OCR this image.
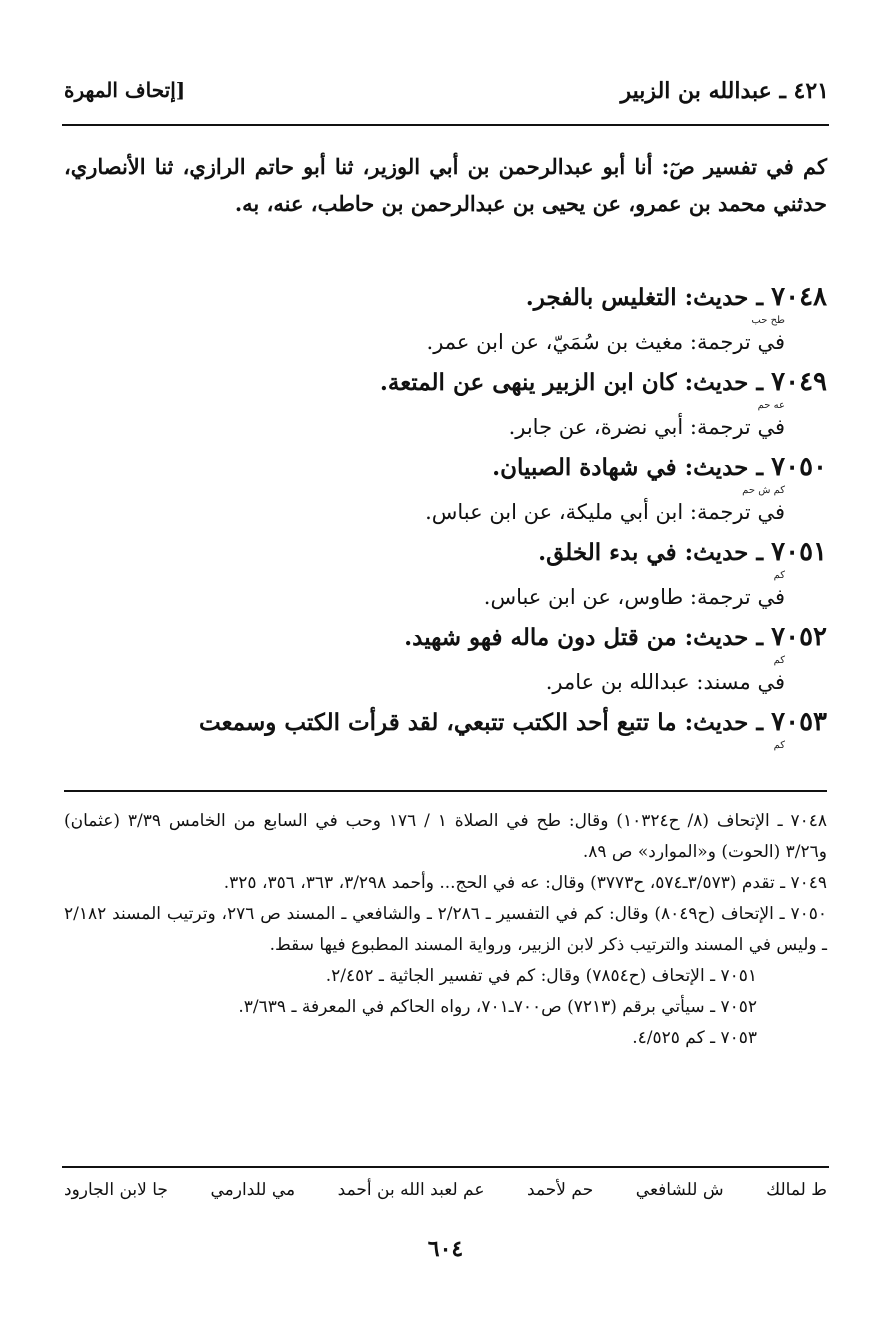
٤٢١ ـ عبدالله بن الزبير
[إتحاف المهرة
كم في تفسير صٓ: أنا أبو عبدالرحمن بن أبي الوزير، ثنا أبو حاتم الرازي، ثنا الأنصاري، حدثني محمد بن عمرو، عن يحيى بن عبدالرحمن بن حاطب، عنه، به.
٧٠٤٨ ـ حديث: التغليس بالفجر.
طح حب
في ترجمة: مغيث بن سُمَيّ، عن ابن عمر.
٧٠٤٩ ـ حديث: كان ابن الزبير ينهى عن المتعة.
عه حم
في ترجمة: أبي نضرة، عن جابر.
٧٠٥٠ ـ حديث: في شهادة الصبيان.
كم ش حم
في ترجمة: ابن أبي مليكة، عن ابن عباس.
٧٠٥١ ـ حديث: في بدء الخلق.
كم
في ترجمة: طاوس، عن ابن عباس.
٧٠٥٢ ـ حديث: من قتل دون ماله فهو شهيد.
كم
في مسند: عبدالله بن عامر.
٧٠٥٣ ـ حديث: ما تتبع أحد الكتب تتبعي، لقد قرأت الكتب وسمعت
كم
٧٠٤٨ ـ الإتحاف (٨/ ح١٠٣٢٤) وقال: طح في الصلاة ١ / ١٧٦ وحب في السابع من الخامس ٣/٣٩ (عثمان) و٣/٢٦ (الحوت) و«الموارد» ص ٨٩.
٧٠٤٩ ـ تقدم (٣/٥٧٣ـ٥٧٤، ح٣٧٧٣) وقال: عه في الحج... وأحمد ٣/٢٩٨، ٣٦٣، ٣٥٦، ٣٢٥.
٧٠٥٠ ـ الإتحاف (ح٨٠٤٩) وقال: كم في التفسير ـ ٢/٢٨٦ ـ والشافعي ـ المسند ص ٢٧٦، وترتيب المسند ٢/١٨٢ ـ وليس في المسند والترتيب ذكر لابن الزبير، ورواية المسند المطبوع فيها سقط.
٧٠٥١ ـ الإتحاف (ح٧٨٥٤) وقال: كم في تفسير الجاثية ـ ٢/٤٥٢.
٧٠٥٢ ـ سيأتي برقم (٧٢١٣) ص٧٠٠ـ٧٠١، رواه الحاكم في المعرفة ـ ٣/٦٣٩.
٧٠٥٣ ـ كم ٤/٥٢٥.
ط لمالك
ش للشافعي
حم لأحمد
عم لعبد الله بن أحمد
مي للدارمي
جا لابن الجارود
٦٠٤
